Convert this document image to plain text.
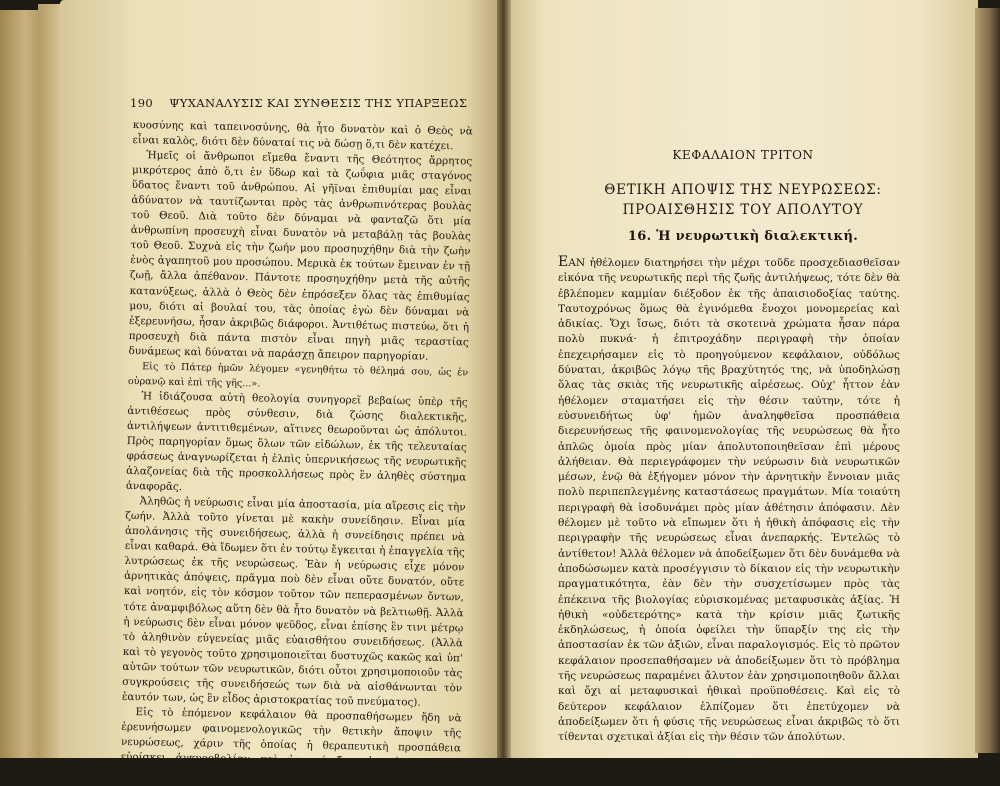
190 ΨΥΧΑΝΑΛΥΣΙΣ ΚΑΙ ΣΥΝΘΕΣΙΣ ΤΗΣ ΥΠΑΡΞΕΩΣ

κυοσύνης καὶ ταπεινοσύνης, θὰ ἦτο δυνατὸν καὶ ὁ Θεὸς νὰ εἶναι καλὸς, διότι δὲν δύναταί τις νὰ δώσῃ ὅ,τι δὲν κατέχει.

Ἠμεῖς οἱ ἄνθρωποι εἴμεθα ἔναντι τῆς Θεότητος ἄρρητος μικρότερος ἀπὸ ὅ,τι ἐν ὕδωρ καὶ τὰ ζωΰφια μιᾶς σταγόνος ὕδατος ἔναντι τοῦ ἀνθρώπου. Αἱ γῆϊναι ἐπιθυμίαι μας εἶναι ἀδύνατον νὰ ταυτίζωνται πρὸς τὰς ἀνθρωπινότερας βουλὰς τοῦ Θεοῦ. Διὰ τοῦτο δὲν δύναμαι νὰ φανταζῶ ὅτι μία ἀνθρωπίνη προσευχὴ εἶναι δυνατὸν νὰ μεταβάλῃ τὰς βουλὰς τοῦ Θεοῦ. Συχνὰ εἰς τὴν ζωήν μου προσηυχήθην διὰ τὴν ζωὴν ἑνὸς ἀγαπητοῦ μου προσώπου. Μερικὰ ἐκ τούτων ἔμειναν ἐν τῇ ζωῇ, ἄλλα ἀπέθανον. Πάντοτε προσηυχήθην μετὰ τῆς αὐτῆς κατανύξεως, ἀλλὰ ὁ Θεὸς δὲν ἐπρόσεξεν ὅλας τὰς ἐπιθυμίας μου, διότι αἱ βουλαί του, τὰς ὁποίας ἐγὼ δὲν δύναμαι νὰ ἐξερευνήσω, ἦσαν ἀκριβῶς διάφοροι. Ἀντιθέτως πιστεύω, ὅτι ἡ προσευχὴ διὰ πάντα πιστὸν εἶναι πηγὴ μιᾶς τεραστίας δυνάμεως καὶ δύναται νὰ παράσχῃ ἄπειρον παρηγορίαν.

Εἰς τὸ Πάτερ ἡμῶν λέγομεν «γενηθήτω τὸ θέλημά σου, ὡς ἐν οὐρανῷ καὶ ἐπὶ τῆς γῆς...».

Ἡ ἰδιάζουσα αὐτὴ θεολογία συνηγορεῖ βεβαίως ὑπὲρ τῆς ἀντιθέσεως πρὸς σύνθεσιν, διὰ ζώσης διαλεκτικῆς, ἀντιλήψεων ἀντιτιθεμένων, αἵτινες θεωροῦνται ὡς ἀπόλυτοι. Πρὸς παρηγορίαν ὅμως ὅλων τῶν εἰδώλων, ἐκ τῆς τελευταίας φράσεως ἀναγνωρίζεται ἡ ἐλπὶς ὑπερνικήσεως τῆς νευρωτικῆς ἀλαζονείας διὰ τῆς προσκολλήσεως πρὸς ἓν ἀληθὲς σύστημα ἀναφορᾶς.

Ἀληθῶς ἡ νεύρωσις εἶναι μία ἀποστασία, μία αἵρεσις εἰς τὴν ζωήν. Ἀλλὰ τοῦτο γίνεται μὲ κακὴν συνείδησιν. Εἶναι μία ἀπολάνησις τῆς συνειδήσεως, ἀλλὰ ἡ συνείδησις πρέπει νὰ εἶναι καθαρά. Θὰ ἴδωμεν ὅτι ἐν τούτῳ ἔγκειται ἡ ἐπαγγελία τῆς λυτρώσεως ἐκ τῆς νευρώσεως. Ἐὰν ἡ νεύρωσις εἶχε μόνον ἀρνητικὰς ἀπόψεις, πρᾶγμα ποὺ δὲν εἶναι οὔτε δυνατόν, οὔτε καὶ νοητόν, εἰς τὸν κόσμον τοῦτον τῶν πεπερασμένων ὄντων, τότε ἀναμφιβόλως αὕτη δὲν θὰ ἦτο δυνατὸν νὰ βελτιωθῇ. Ἀλλὰ ἡ νεύρωσις δὲν εἶναι μόνον ψεῦδος, εἶναι ἐπίσης ἓν τινι μέτρῳ τὸ ἀληθινὸν εὐγενείας μιᾶς εὐαισθήτου συνειδήσεως. (Ἀλλὰ καὶ τὸ γεγονὸς τοῦτο χρησιμοποιεῖται δυστυχῶς κακῶς καὶ ὑπ' αὐτῶν τούτων τῶν νευρωτικῶν, διότι οὗτοι χρησιμοποιοῦν τὰς συγκρούσεις τῆς συνειδήσεώς των διὰ νὰ αἰσθάνωνται τὸν ἑαυτόν των, ὡς ἓν εἶδος ἀριστοκρατίας τοῦ πνεύματος).

Εἰς τὸ ἑπόμενον κεφάλαιον θὰ προσπαθήσωμεν ἤδη νὰ ἐρευνήσωμεν φαινομενολογικῶς τὴν θετικὴν ἄποψιν τῆς νευρώσεως, χάριν τῆς ὁποίας ἡ θεραπευτικὴ προσπάθεια εὑρίσκει ἀγκυροβολίαν καὶ ὑποστήριξιν εἰς τὴν ψυχικὴν κατάστασιν τοῦ νευρωτικοῦ ἀνθρώπου.

ΚΕΦΑΛΑΙΟΝ ΤΡΙΤΟΝ
ΘΕΤΙΚΗ ΑΠΟΨΙΣ ΤΗΣ ΝΕΥΡΩΣΕΩΣ:
ΠΡΟΑΙΣΘΗΣΙΣ ΤΟΥ ΑΠΟΛΥΤΟΥ
16. Ἡ νευρωτικὴ διαλεκτική.

ΕΑΝ ἠθέλομεν διατηρήσει τὴν μέχρι τοῦδε προσχεδιασθεῖσαν εἰκόνα τῆς νευρωτικῆς περὶ τῆς ζωῆς ἀντιλήψεως, τότε δὲν θὰ ἐβλέπομεν καμμίαν διέξοδον ἐκ τῆς ἀπαισιοδοξίας ταύτης. Ταυτοχρόνως ὅμως θὰ ἐγινόμεθα ἔνοχοι μονομερείας καὶ ἀδικίας. Ὄχι ἴσως, διότι τὰ σκοτεινὰ χρώματα ἦσαν πάρα πολὺ πυκνά· ἡ ἐπιτροχάδην περιγραφὴ τὴν ὁποίαν ἐπεχειρήσαμεν εἰς τὸ προηγούμενον κεφάλαιον, οὐδόλως δύναται, ἀκριβῶς λόγῳ τῆς βραχύτητός της, νὰ ὑποδηλώσῃ ὅλας τὰς σκιὰς τῆς νευρωτικῆς αἱρέσεως. Οὐχ' ἧττον ἐὰν ἠθέλομεν σταματήσει εἰς τὴν θέσιν ταύτην, τότε ἡ εὐσυνειδήτως ὑφ' ἡμῶν ἀναληφθεῖσα προσπάθεια διερευνήσεως τῆς φαινομενολογίας τῆς νευρώσεως θὰ ἦτο ἁπλῶς ὁμοία πρὸς μίαν ἀπολυτοποιηθεῖσαν ἐπὶ μέρους ἀλήθειαν. Θὰ περιεγράφομεν τὴν νεύρωσιν διὰ νευρωτικῶν μέσων, ἐνῷ θὰ ἐξήγομεν μόνον τὴν ἀρνητικὴν ἔννοιαν μιᾶς πολὺ περιπεπλεγμένης καταστάσεως πραγμάτων. Μία τοιαύτη περιγραφὴ θὰ ἰσοδυνάμει πρὸς μίαν ἀθέτησιν ἀπόφασιν. Δὲν θέλομεν μὲ τοῦτο νὰ εἴπωμεν ὅτι ἡ ἠθικὴ ἀπόφασις εἰς τὴν περιγραφὴν τῆς νευρώσεως εἶναι ἀνεπαρκής. Ἐντελῶς τὸ ἀντίθετον! Ἀλλὰ θέλομεν νὰ ἀποδείξωμεν ὅτι δὲν δυνάμεθα νὰ ἀποδώσωμεν κατὰ προσέγγισιν τὸ δίκαιον εἰς τὴν νευρωτικὴν πραγματικότητα, ἐὰν δὲν τὴν συσχετίσωμεν πρὸς τὰς ἐπέκεινα τῆς βιολογίας εὑρισκομένας μεταφυσικὰς ἀξίας. Ἡ ἠθικὴ «οὐδετερότης» κατὰ τὴν κρίσιν μιᾶς ζωτικῆς ἐκδηλώσεως, ἡ ὁποία ὀφείλει τὴν ὕπαρξίν της εἰς τὴν ἀποστασίαν ἐκ τῶν ἀξιῶν, εἶναι παραλογισμός. Εἰς τὸ πρῶτον κεφάλαιον προσεπαθήσαμεν νὰ ἀποδείξωμεν ὅτι τὸ πρόβλημα τῆς νευρώσεως παραμένει ἄλυτον ἐὰν χρησιμοποιηθοῦν ἄλλαι καὶ ὄχι αἱ μεταφυσικαὶ ἠθικαὶ προϋποθέσεις. Καὶ εἰς τὸ δεύτερον κεφάλαιον ἐλπίζομεν ὅτι ἐπετύχομεν νὰ ἀποδείξωμεν ὅτι ἡ φύσις τῆς νευρώσεως εἶναι ἀκριβῶς τὸ ὅτι τίθενται σχετικαὶ ἀξίαι εἰς τὴν θέσιν τῶν ἀπολύτων.
